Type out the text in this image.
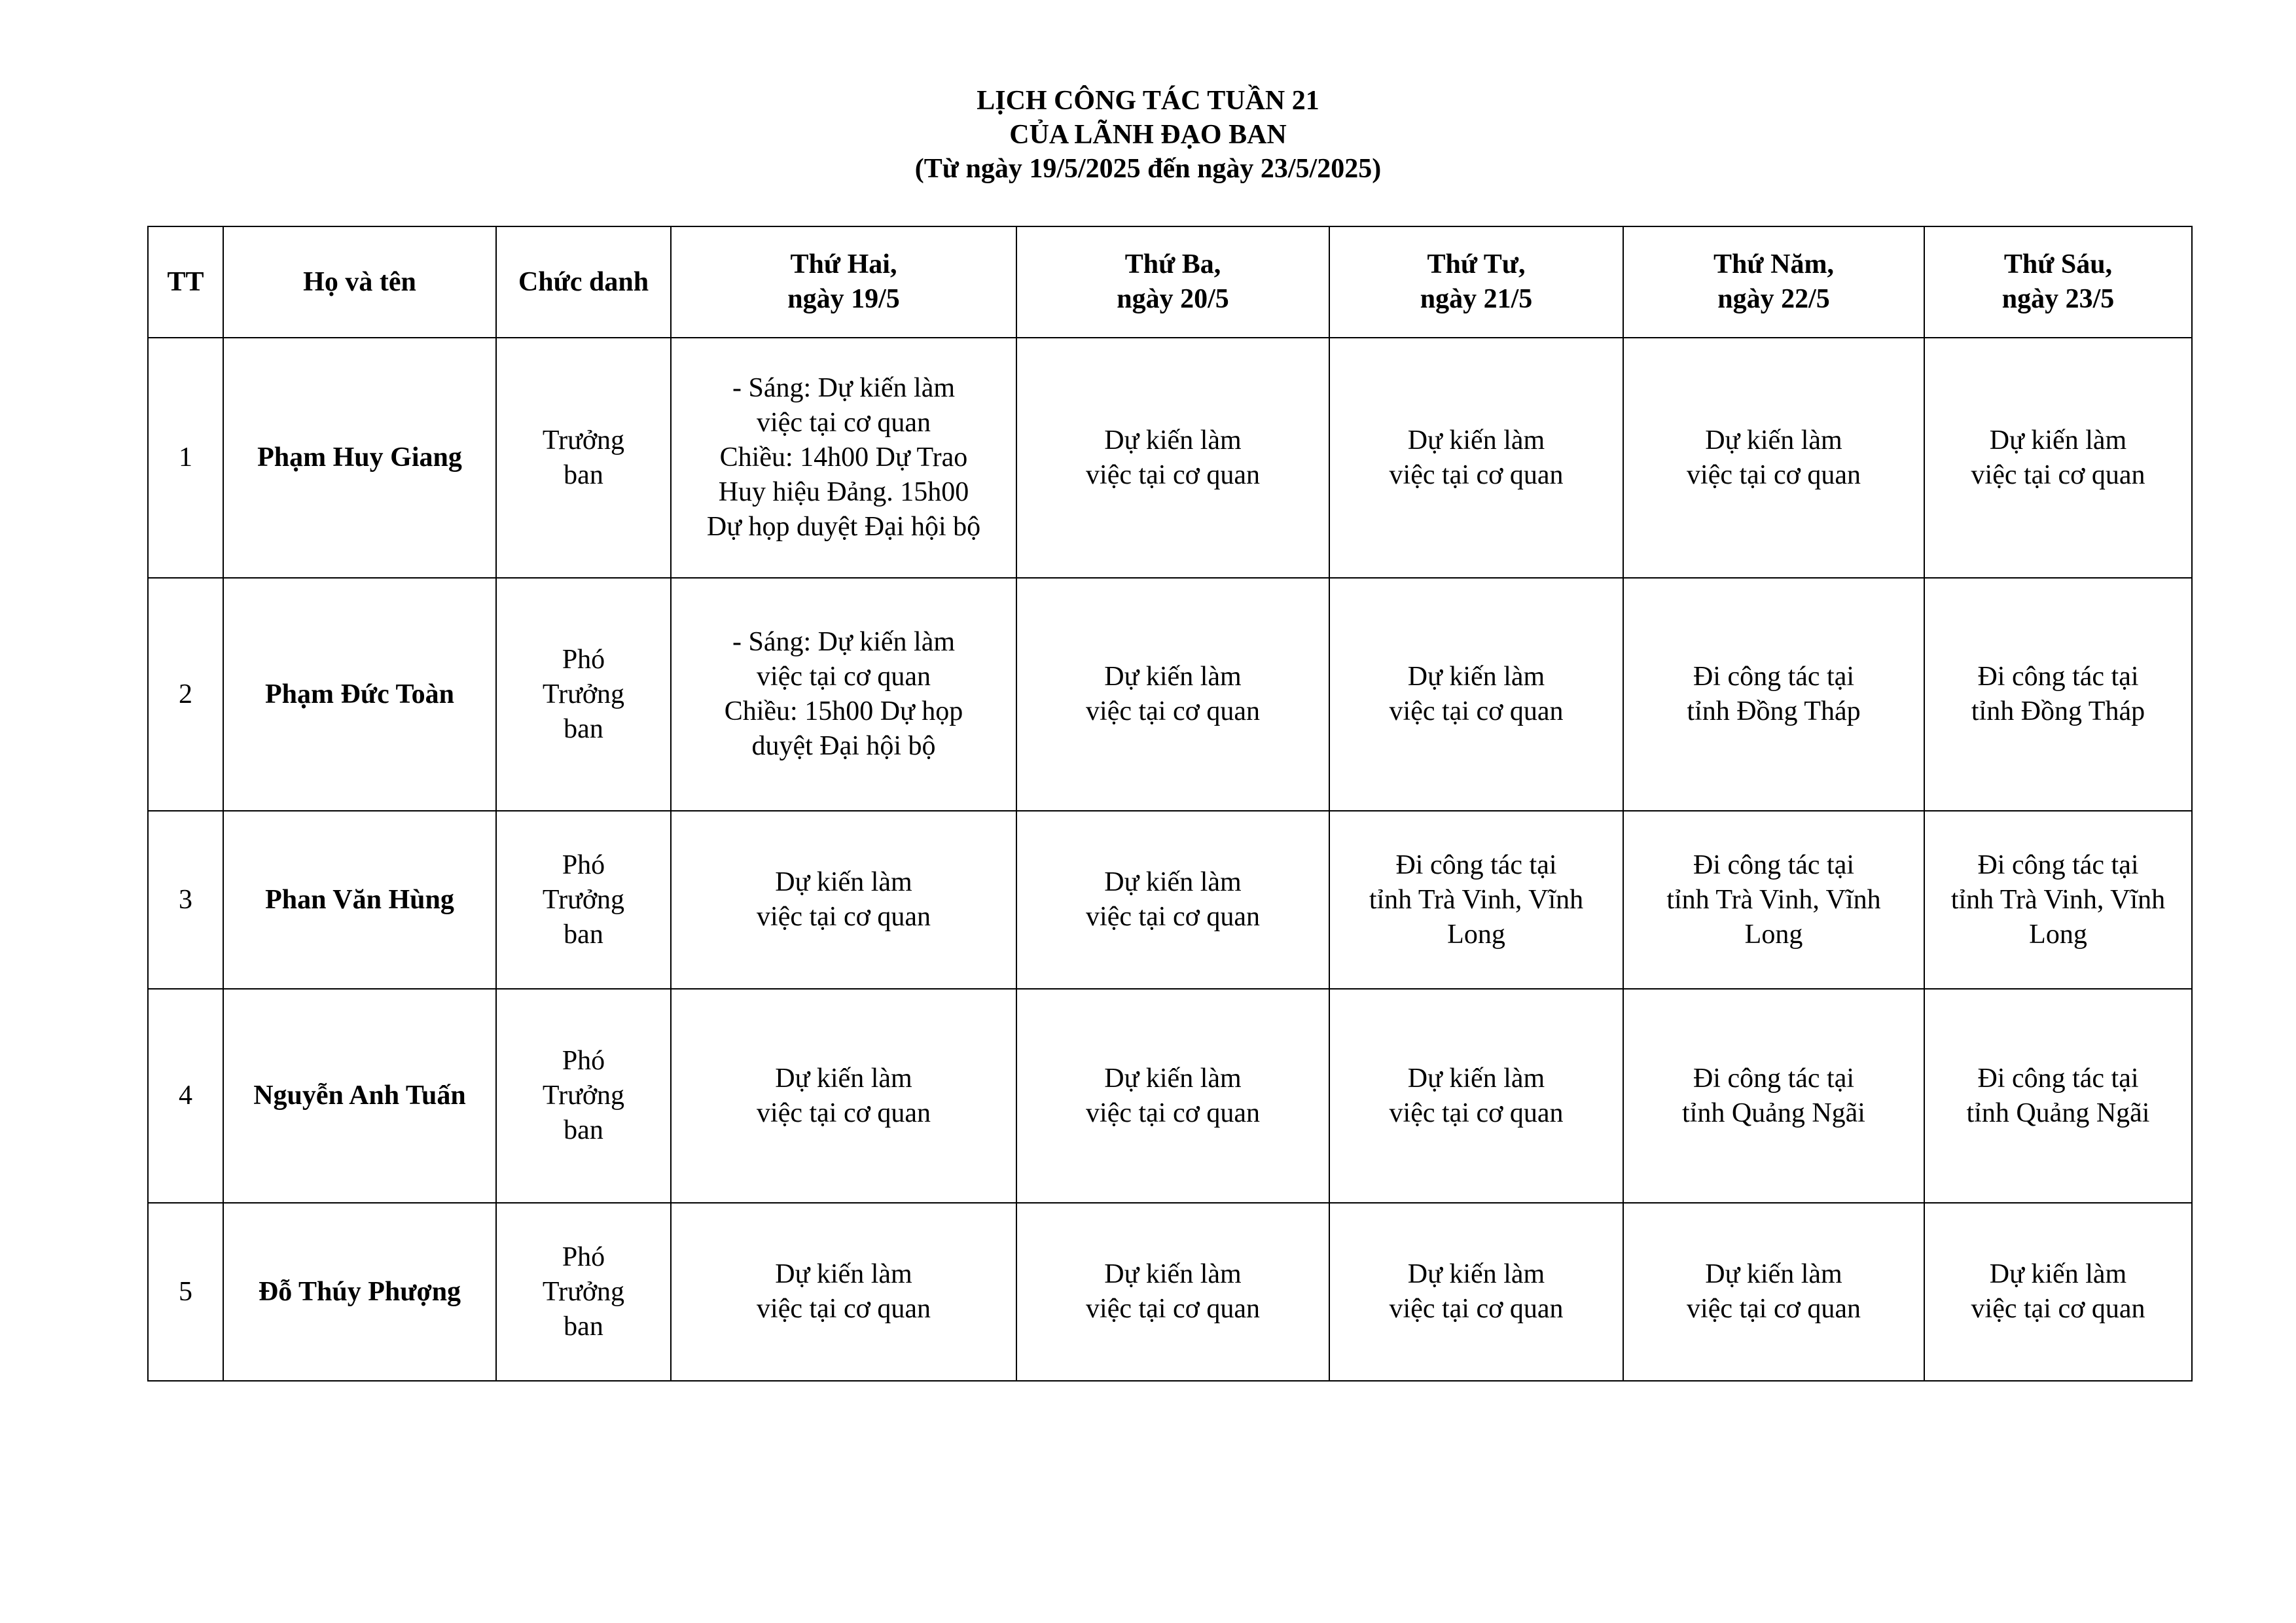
LỊCH CÔNG TÁC TUẦN 21
CỦA LÃNH ĐẠO BAN
(Từ ngày 19/5/2025 đến ngày 23/5/2025)
TT	Họ và tên	Chức danh	Thứ Hai,
ngày 19/5	Thứ Ba,
ngày 20/5	Thứ Tư,
ngày 21/5	Thứ Năm,
ngày 22/5	Thứ Sáu,
ngày 23/5
1	Phạm Huy Giang	Trưởng
ban	- Sáng: Dự kiến làm
việc tại cơ quan
Chiều: 14h00 Dự Trao
Huy hiệu Đảng. 15h00
Dự họp duyệt Đại hội bộ	Dự kiến làm
việc tại cơ quan	Dự kiến làm
việc tại cơ quan	Dự kiến làm
việc tại cơ quan	Dự kiến làm
việc tại cơ quan
2	Phạm Đức Toàn	Phó
Trưởng
ban	- Sáng: Dự kiến làm
việc tại cơ quan
Chiều: 15h00 Dự họp
duyệt Đại hội bộ	Dự kiến làm
việc tại cơ quan	Dự kiến làm
việc tại cơ quan	Đi công tác tại
tỉnh Đồng Tháp	Đi công tác tại
tỉnh Đồng Tháp
3	Phan Văn Hùng	Phó
Trưởng
ban	Dự kiến làm
việc tại cơ quan	Dự kiến làm
việc tại cơ quan	Đi công tác tại
tỉnh Trà Vinh, Vĩnh
Long	Đi công tác tại
tỉnh Trà Vinh, Vĩnh
Long	Đi công tác tại
tỉnh Trà Vinh, Vĩnh
Long
4	Nguyễn Anh Tuấn	Phó
Trưởng
ban	Dự kiến làm
việc tại cơ quan	Dự kiến làm
việc tại cơ quan	Dự kiến làm
việc tại cơ quan	Đi công tác tại
tỉnh Quảng Ngãi	Đi công tác tại
tỉnh Quảng Ngãi
5	Đỗ Thúy Phượng	Phó
Trưởng
ban	Dự kiến làm
việc tại cơ quan	Dự kiến làm
việc tại cơ quan	Dự kiến làm
việc tại cơ quan	Dự kiến làm
việc tại cơ quan	Dự kiến làm
việc tại cơ quan
